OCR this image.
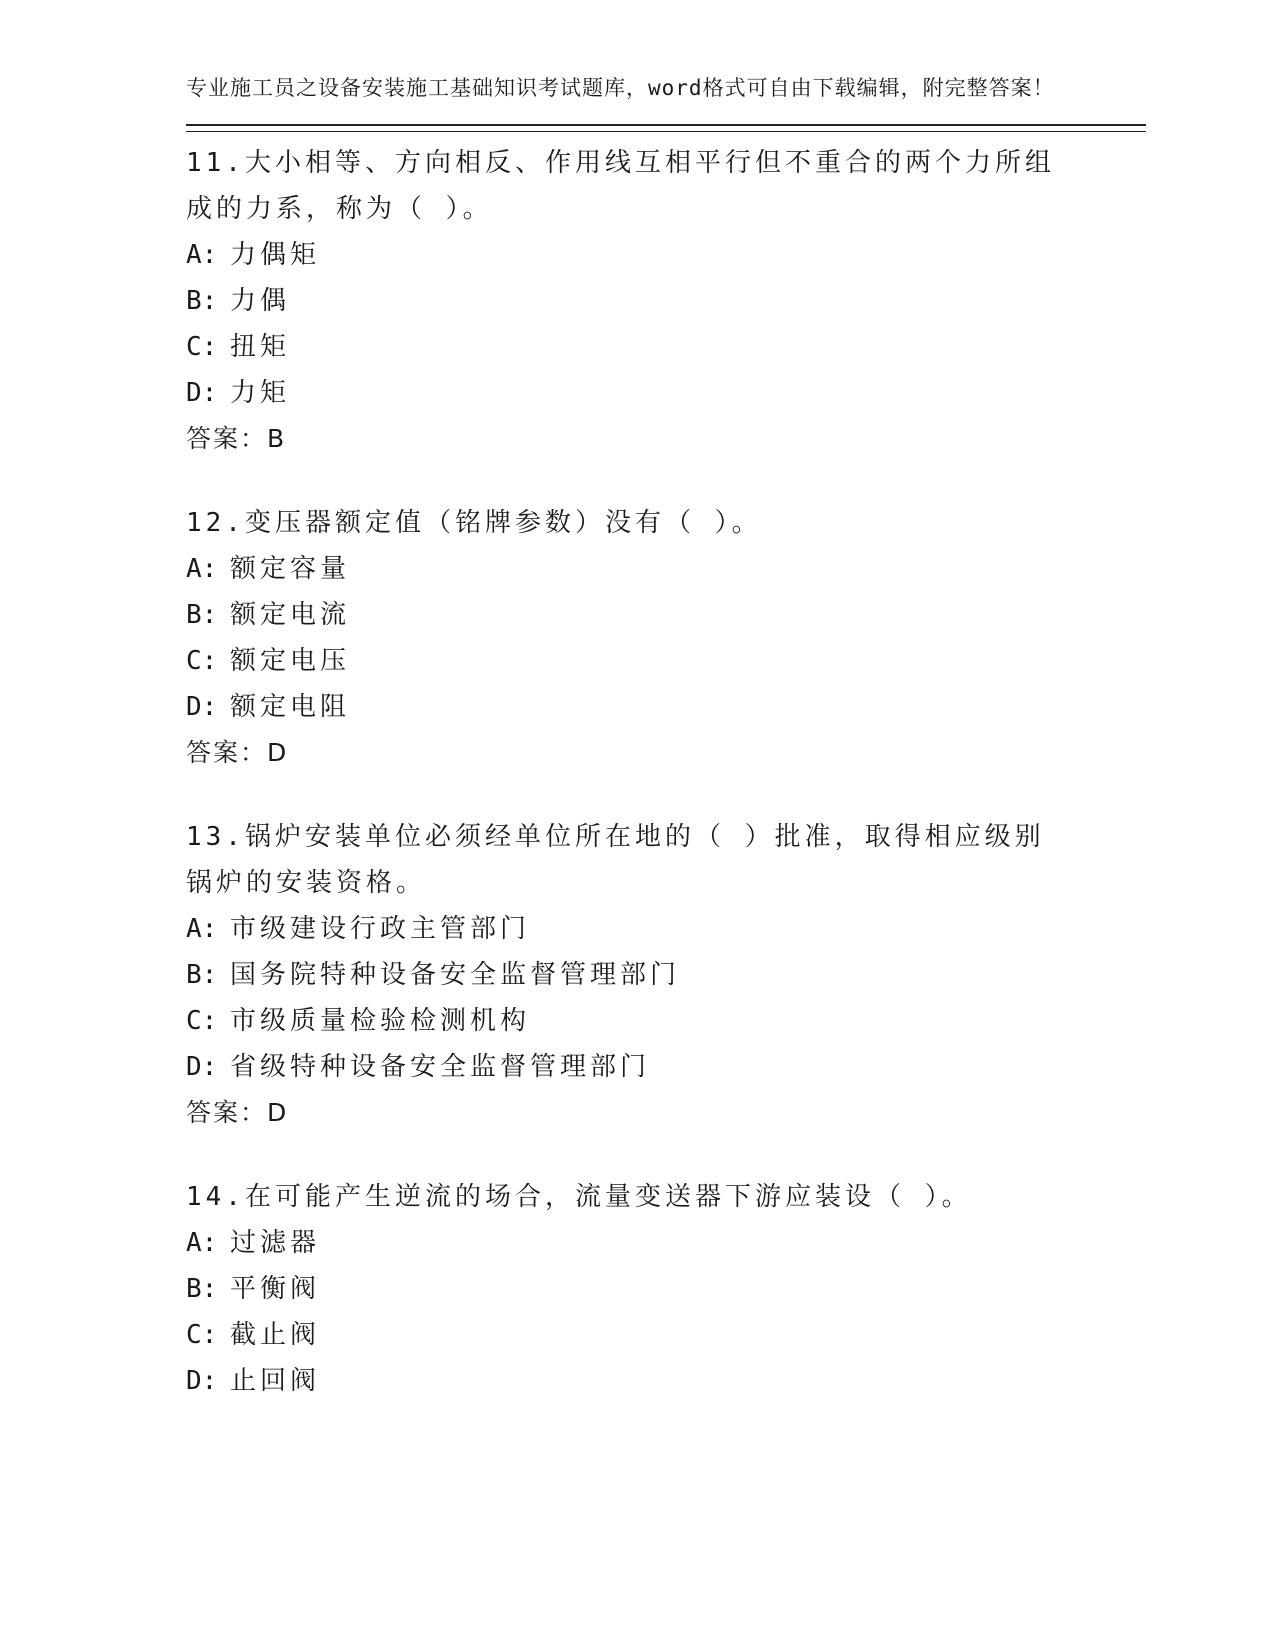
专业施工员之设备安装施工基础知识考试题库，word格式可自由下载编辑，附完整答案！

11.大小相等、方向相反、作用线互相平行但不重合的两个力所组成的力系，称为（ ）。

A: 力偶矩

B: 力偶

C: 扭矩

D: 力矩

答案：B

12.变压器额定值（铭牌参数）没有（ ）。

A: 额定容量

B: 额定电流

C: 额定电压

D: 额定电阻

答案：D

13.锅炉安装单位必须经单位所在地的（ ）批准，取得相应级别锅炉的安装资格。

A: 市级建设行政主管部门

B: 国务院特种设备安全监督管理部门

C: 市级质量检验检测机构

D: 省级特种设备安全监督管理部门

答案：D

14.在可能产生逆流的场合，流量变送器下游应装设（ ）。

A: 过滤器

B: 平衡阀

C: 截止阀

D: 止回阀
